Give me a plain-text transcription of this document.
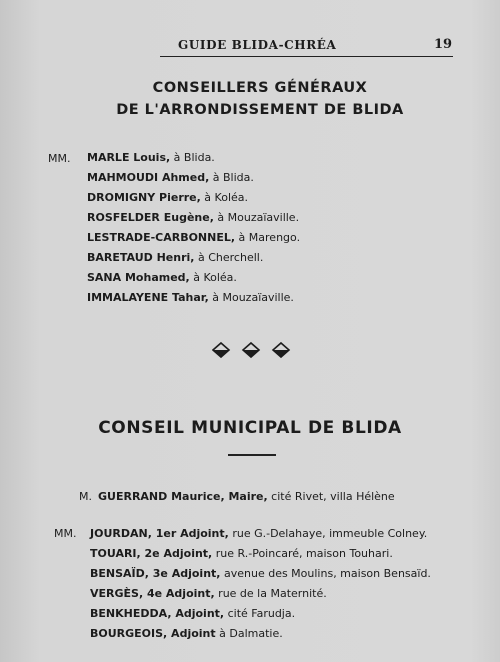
GUIDE BLIDA-CHRÉA	19
CONSEILLERS GÉNÉRAUX
DE L'ARRONDISSEMENT DE BLIDA
MM. MARLE Louis, à Blida.
MAHMOUDI Ahmed, à Blida.
DROMIGNY Pierre, à Koléa.
ROSFELDER Eugène, à Mouzaïaville.
LESTRADE-CARBONNEL, à Marengo.
BARETAUD Henri, à Cherchell.
SANA Mohamed, à Koléa.
IMMALAYENE Tahar, à Mouzaïaville.
CONSEIL MUNICIPAL DE BLIDA
M. GUERRAND Maurice, Maire, cité Rivet, villa Hélène
MM. JOURDAN, 1er Adjoint, rue G.-Delahaye, immeuble Colney.
TOUARI, 2e Adjoint, rue R.-Poincaré, maison Touhari.
BENSAÏD, 3e Adjoint, avenue des Moulins, maison Bensaïd.
VERGÈS, 4e Adjoint, rue de la Maternité.
BENKHEDDA, Adjoint, cité Farudja.
BOURGEOIS, Adjoint à Dalmatie.
